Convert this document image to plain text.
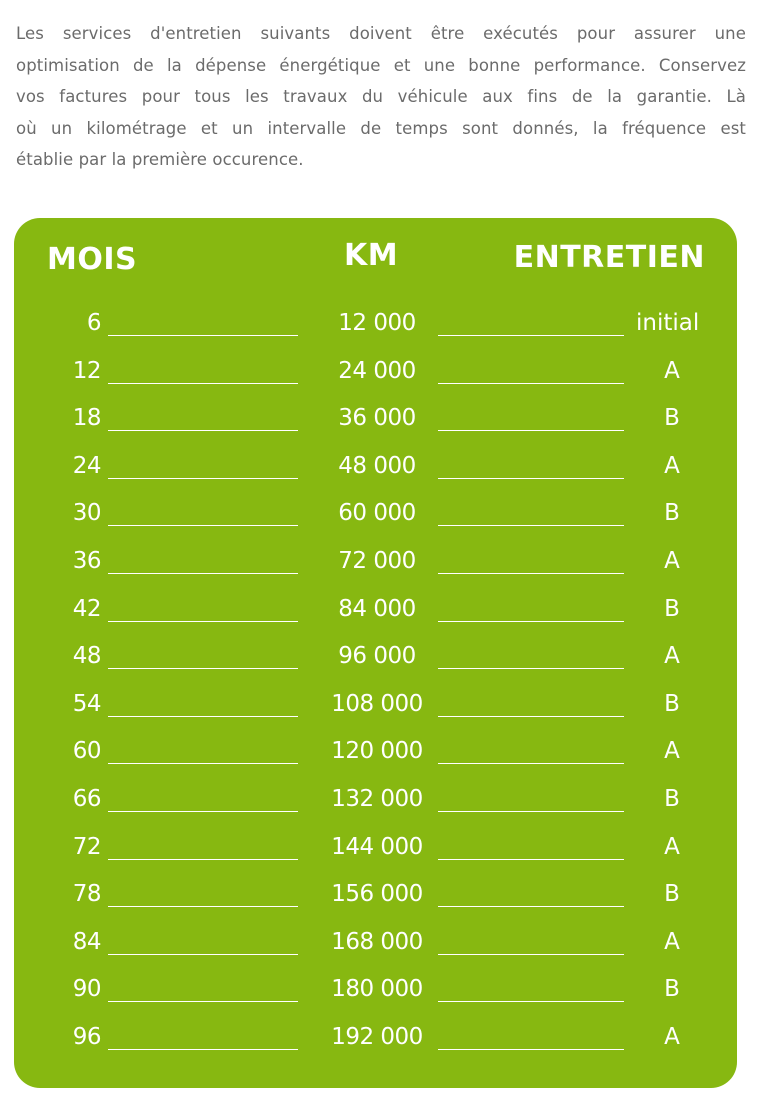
Les services d'entretien suivants doivent être exécutés pour assurer une
optimisation de la dépense énergétique et une bonne performance. Conservez
vos factures pour tous les travaux du véhicule aux fins de la garantie. Là
où un kilométrage et un intervalle de temps sont donnés, la fréquence est
établie par la première occurence.

MOIS	KM	ENTRETIEN
6	12 000	initial
12	24 000	A
18	36 000	B
24	48 000	A
30	60 000	B
36	72 000	A
42	84 000	B
48	96 000	A
54	108 000	B
60	120 000	A
66	132 000	B
72	144 000	A
78	156 000	B
84	168 000	A
90	180 000	B
96	192 000	A
